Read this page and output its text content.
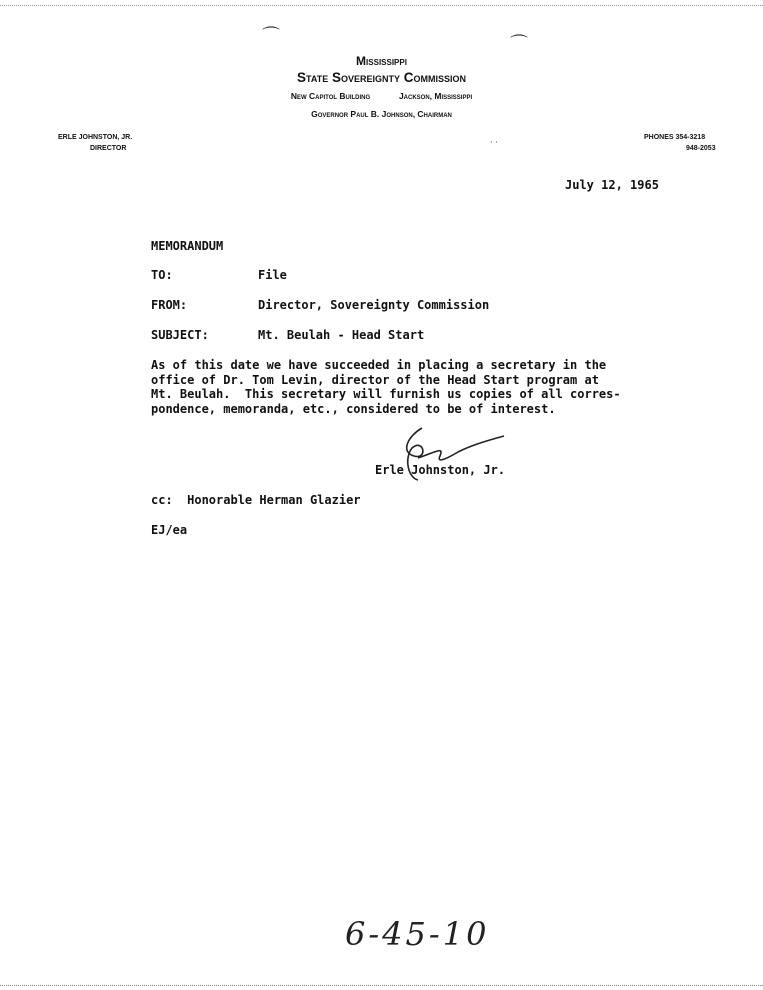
⌒	⌒
Mississippi
State Sovereignty Commission
New Capitol Building	Jackson, Mississippi
Governor Paul B. Johnson, Chairman
ERLE JOHNSTON, JR.
DIRECTOR
PHONES 354-3218
948-2053
· ·
July 12, 1965
MEMORANDUM
TO:	File
FROM:	Director, Sovereignty Commission
SUBJECT:	Mt. Beulah - Head Start
As of this date we have succeeded in placing a secretary in the
office of Dr. Tom Levin, director of the Head Start program at
Mt. Beulah.  This secretary will furnish us copies of all corres-
pondence, memoranda, etc., considered to be of interest.
Erle Johnston, Jr.
cc:  Honorable Herman Glazier
EJ/ea
6-45-10
